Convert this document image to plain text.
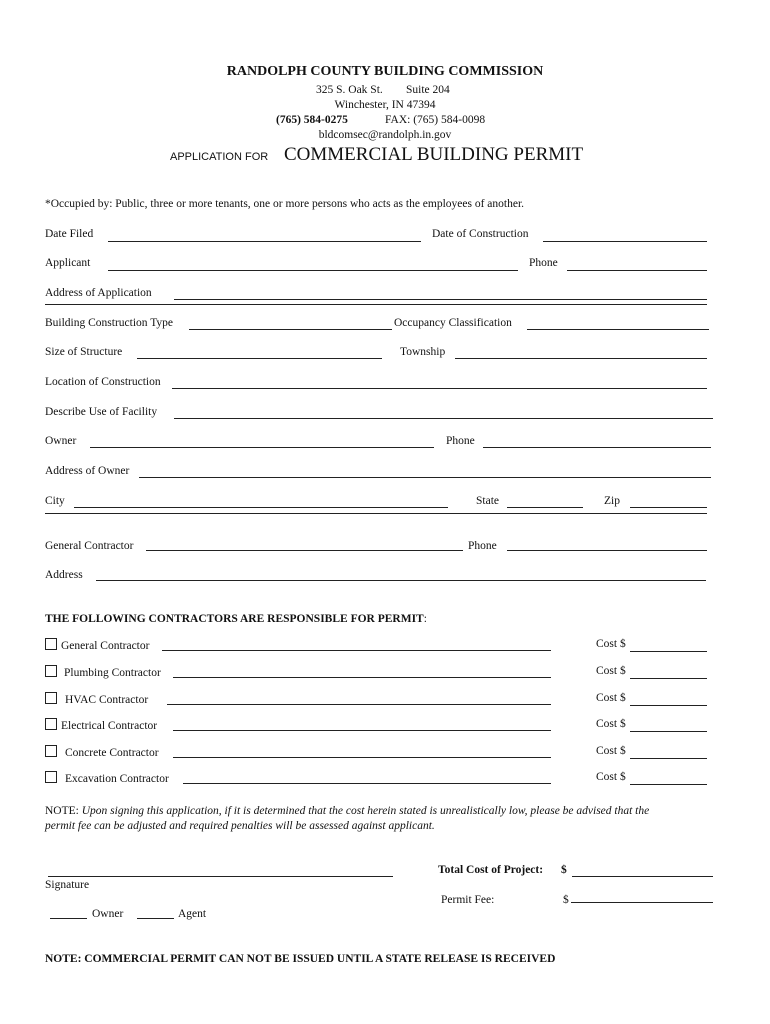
RANDOLPH COUNTY BUILDING COMMISSION
325 S. Oak St. Suite 204
Winchester, IN 47394
(765) 584-0275	FAX: (765) 584-0098
bldcomsec@randolph.in.gov
APPLICATION FOR COMMERCIAL BUILDING PERMIT
*Occupied by: Public, three or more tenants, one or more persons who acts as the employees of another.
Date Filed	Date of Construction
Applicant	Phone
Address of Application
Building Construction Type	Occupancy Classification
Size of Structure	Township
Location of Construction
Describe Use of Facility
Owner	Phone
Address of Owner
City	State	Zip
General Contractor	Phone
Address
THE FOLLOWING CONTRACTORS ARE RESPONSIBLE FOR PERMIT:
General Contractor	Cost $
Plumbing Contractor	Cost $
HVAC Contractor	Cost $
Electrical Contractor	Cost $
Concrete Contractor	Cost $
Excavation Contractor	Cost $
NOTE: Upon signing this application, if it is determined that the cost herein stated is unrealistically low, please be advised that the
permit fee can be adjusted and required penalties will be assessed against applicant.
Signature
Owner	Agent
Total Cost of Project: $
Permit Fee:	$
NOTE: COMMERCIAL PERMIT CAN NOT BE ISSUED UNTIL A STATE RELEASE IS RECEIVED
